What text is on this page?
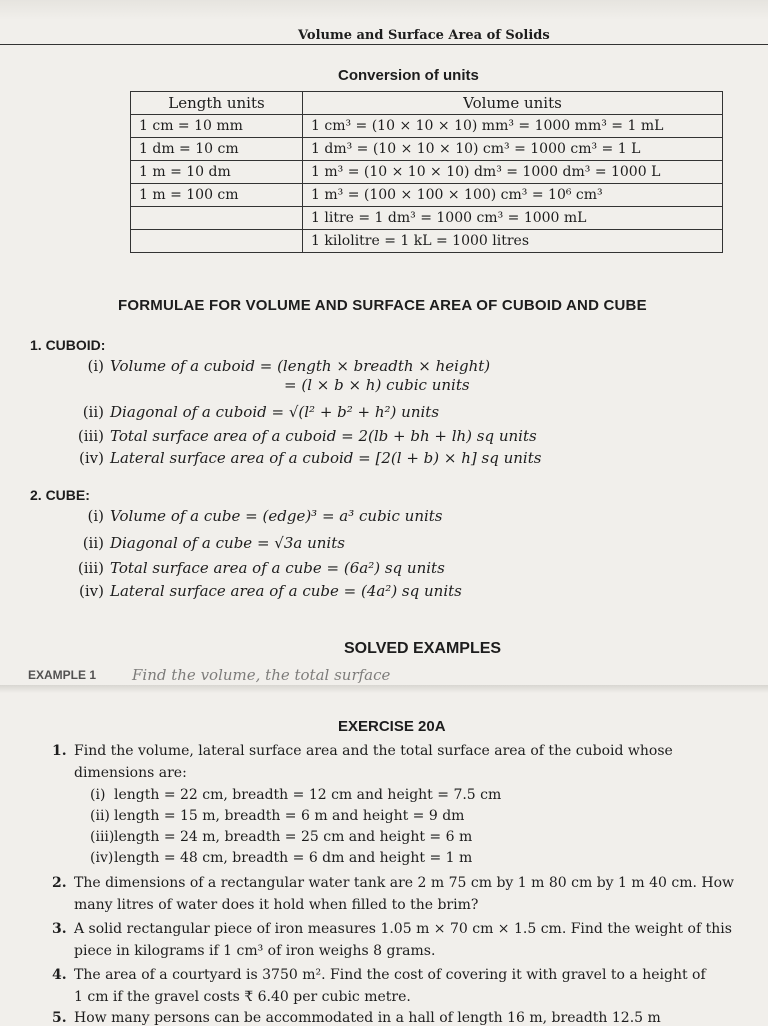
Volume and Surface Area of Solids
Conversion of units
Length units	Volume units
1 cm = 10 mm	1 cm³ = (10 × 10 × 10) mm³ = 1000 mm³ = 1 mL
1 dm = 10 cm	1 dm³ = (10 × 10 × 10) cm³ = 1000 cm³ = 1 L
1 m = 10 dm	1 m³ = (10 × 10 × 10) dm³ = 1000 dm³ = 1000 L
1 m = 100 cm	1 m³ = (100 × 100 × 100) cm³ = 10⁶ cm³
	1 litre = 1 dm³ = 1000 cm³ = 1000 mL
	1 kilolitre = 1 kL = 1000 litres
FORMULAE FOR VOLUME AND SURFACE AREA OF CUBOID AND CUBE
1. CUBOID:
(i) Volume of a cuboid = (length × breadth × height)
= (l × b × h) cubic units
(ii) Diagonal of a cuboid = √(l² + b² + h²) units
(iii) Total surface area of a cuboid = 2(lb + bh + lh) sq units
(iv) Lateral surface area of a cuboid = [2(l + b) × h] sq units
2. CUBE:
(i) Volume of a cube = (edge)³ = a³ cubic units
(ii) Diagonal of a cube = √3a units
(iii) Total surface area of a cube = (6a²) sq units
(iv) Lateral surface area of a cube = (4a²) sq units
SOLVED EXAMPLES
EXAMPLE 1 Find the volume, the total surface
EXERCISE 20A
1. Find the volume, lateral surface area and the total surface area of the cuboid whose
dimensions are:
(i) length = 22 cm, breadth = 12 cm and height = 7.5 cm
(ii) length = 15 m, breadth = 6 m and height = 9 dm
(iii)length = 24 m, breadth = 25 cm and height = 6 m
(iv)length = 48 cm, breadth = 6 dm and height = 1 m
2. The dimensions of a rectangular water tank are 2 m 75 cm by 1 m 80 cm by 1 m 40 cm. How
many litres of water does it hold when filled to the brim?
3. A solid rectangular piece of iron measures 1.05 m × 70 cm × 1.5 cm. Find the weight of this
piece in kilograms if 1 cm³ of iron weighs 8 grams.
4. The area of a courtyard is 3750 m². Find the cost of covering it with gravel to a height of
1 cm if the gravel costs ₹ 6.40 per cubic metre.
5. How many persons can be accommodated in a hall of length 16 m, breadth 12.5 m
